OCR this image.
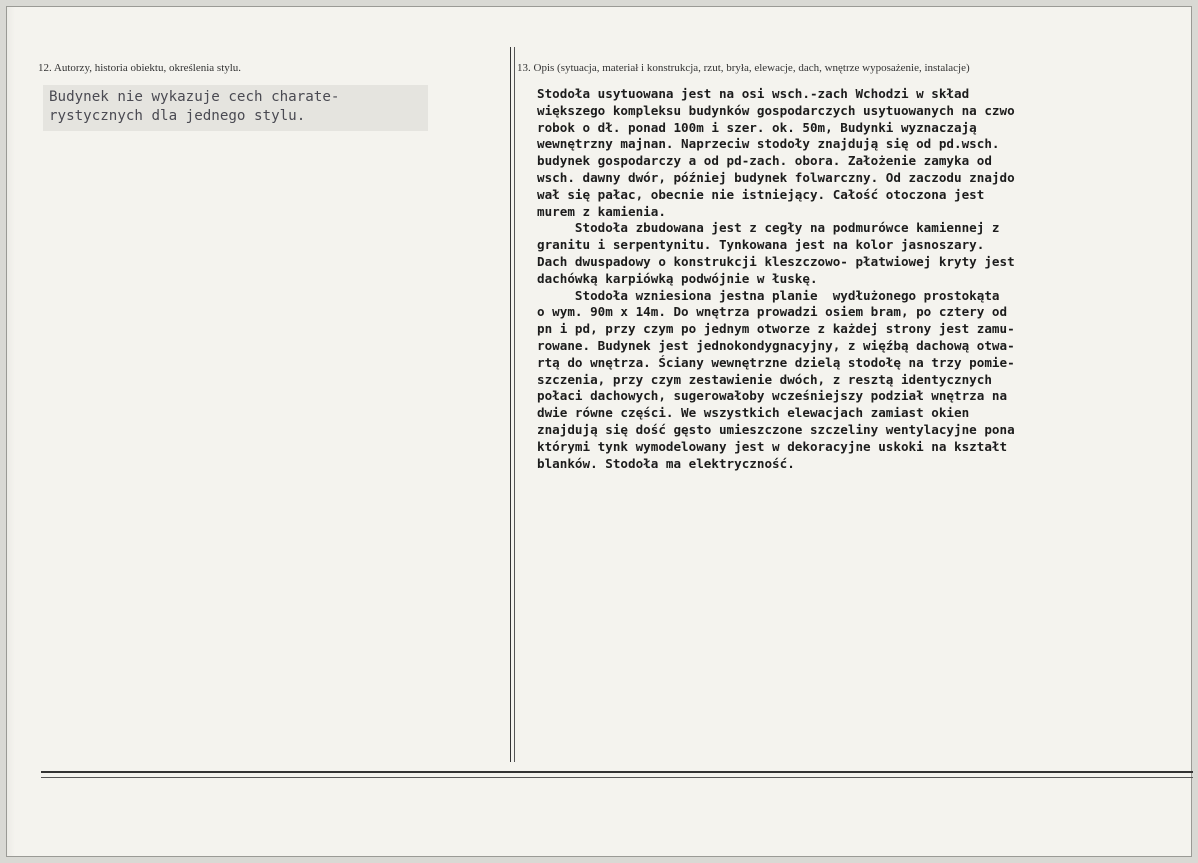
12. Autorzy, historia obiektu, określenia stylu.
Budynek nie wykazuje cech charate-
rystycznych dla jednego stylu.
13. Opis (sytuacja, materiał i konstrukcja, rzut, bryła, elewacje, dach, wnętrze wyposażenie, instalacje)
Stodoła usytuowana jest na osi wsch.-zach Wchodzi w skład
większego kompleksu budynków gospodarczych usytuowanych na czwo
robok o dł. ponad 100m i szer. ok. 50m, Budynki wyznaczają
wewnętrzny majnan. Naprzeciw stodoły znajdują się od pd.wsch.
budynek gospodarczy a od pd-zach. obora. Założenie zamyka od
wsch. dawny dwór, później budynek folwarczny. Od zaczodu znajdo
wał się pałac, obecnie nie istniejący. Całość otoczona jest
murem z kamienia.
Stodoła zbudowana jest z cegły na podmurówce kamiennej z
granitu i serpentynitu. Tynkowana jest na kolor jasnoszary.
Dach dwuspadowy o konstrukcji kleszczowo- płatwiowej kryty jest
dachówką karpiówką podwójnie w łuskę.
Stodoła wzniesiona jestna planie  wydłużonego prostokąta
o wym. 90m x 14m. Do wnętrza prowadzi osiem bram, po cztery od
pn i pd, przy czym po jednym otworze z każdej strony jest zamu-
rowane. Budynek jest jednokondygnacyjny, z więźbą dachową otwa-
rtą do wnętrza. Ściany wewnętrzne dzielą stodołę na trzy pomie-
szczenia, przy czym zestawienie dwóch, z resztą identycznych
połaci dachowych, sugerowałoby wcześniejszy podział wnętrza na
dwie równe części. We wszystkich elewacjach zamiast okien
znajdują się dość gęsto umieszczone szczeliny wentylacyjne pona
którymi tynk wymodelowany jest w dekoracyjne uskoki na kształt
blanków. Stodoła ma elektryczność.
